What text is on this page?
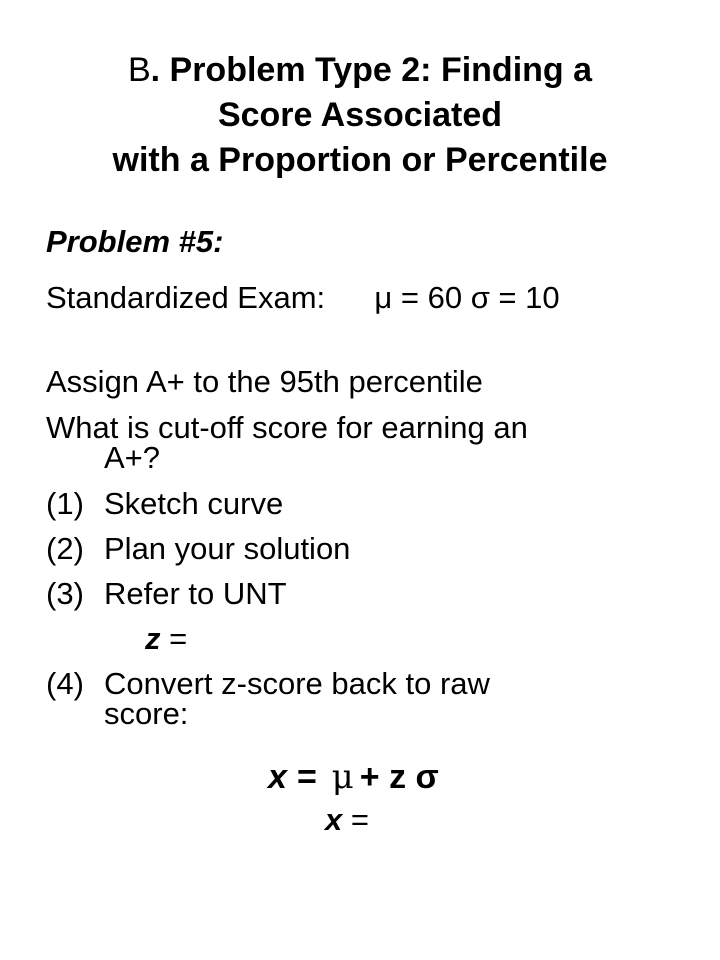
B. Problem Type 2: Finding a
Score Associated
with a Proportion or Percentile
Problem #5:
Standardized Exam: μ = 60 σ = 10
Assign A+ to the 95th percentile
What is cut-off score for earning an
A+?
(1) Sketch curve
(2) Plan your solution
(3) Refer to UNT
z =
(4) Convert z-score back to raw
score:
x = μ + z σ
x =
